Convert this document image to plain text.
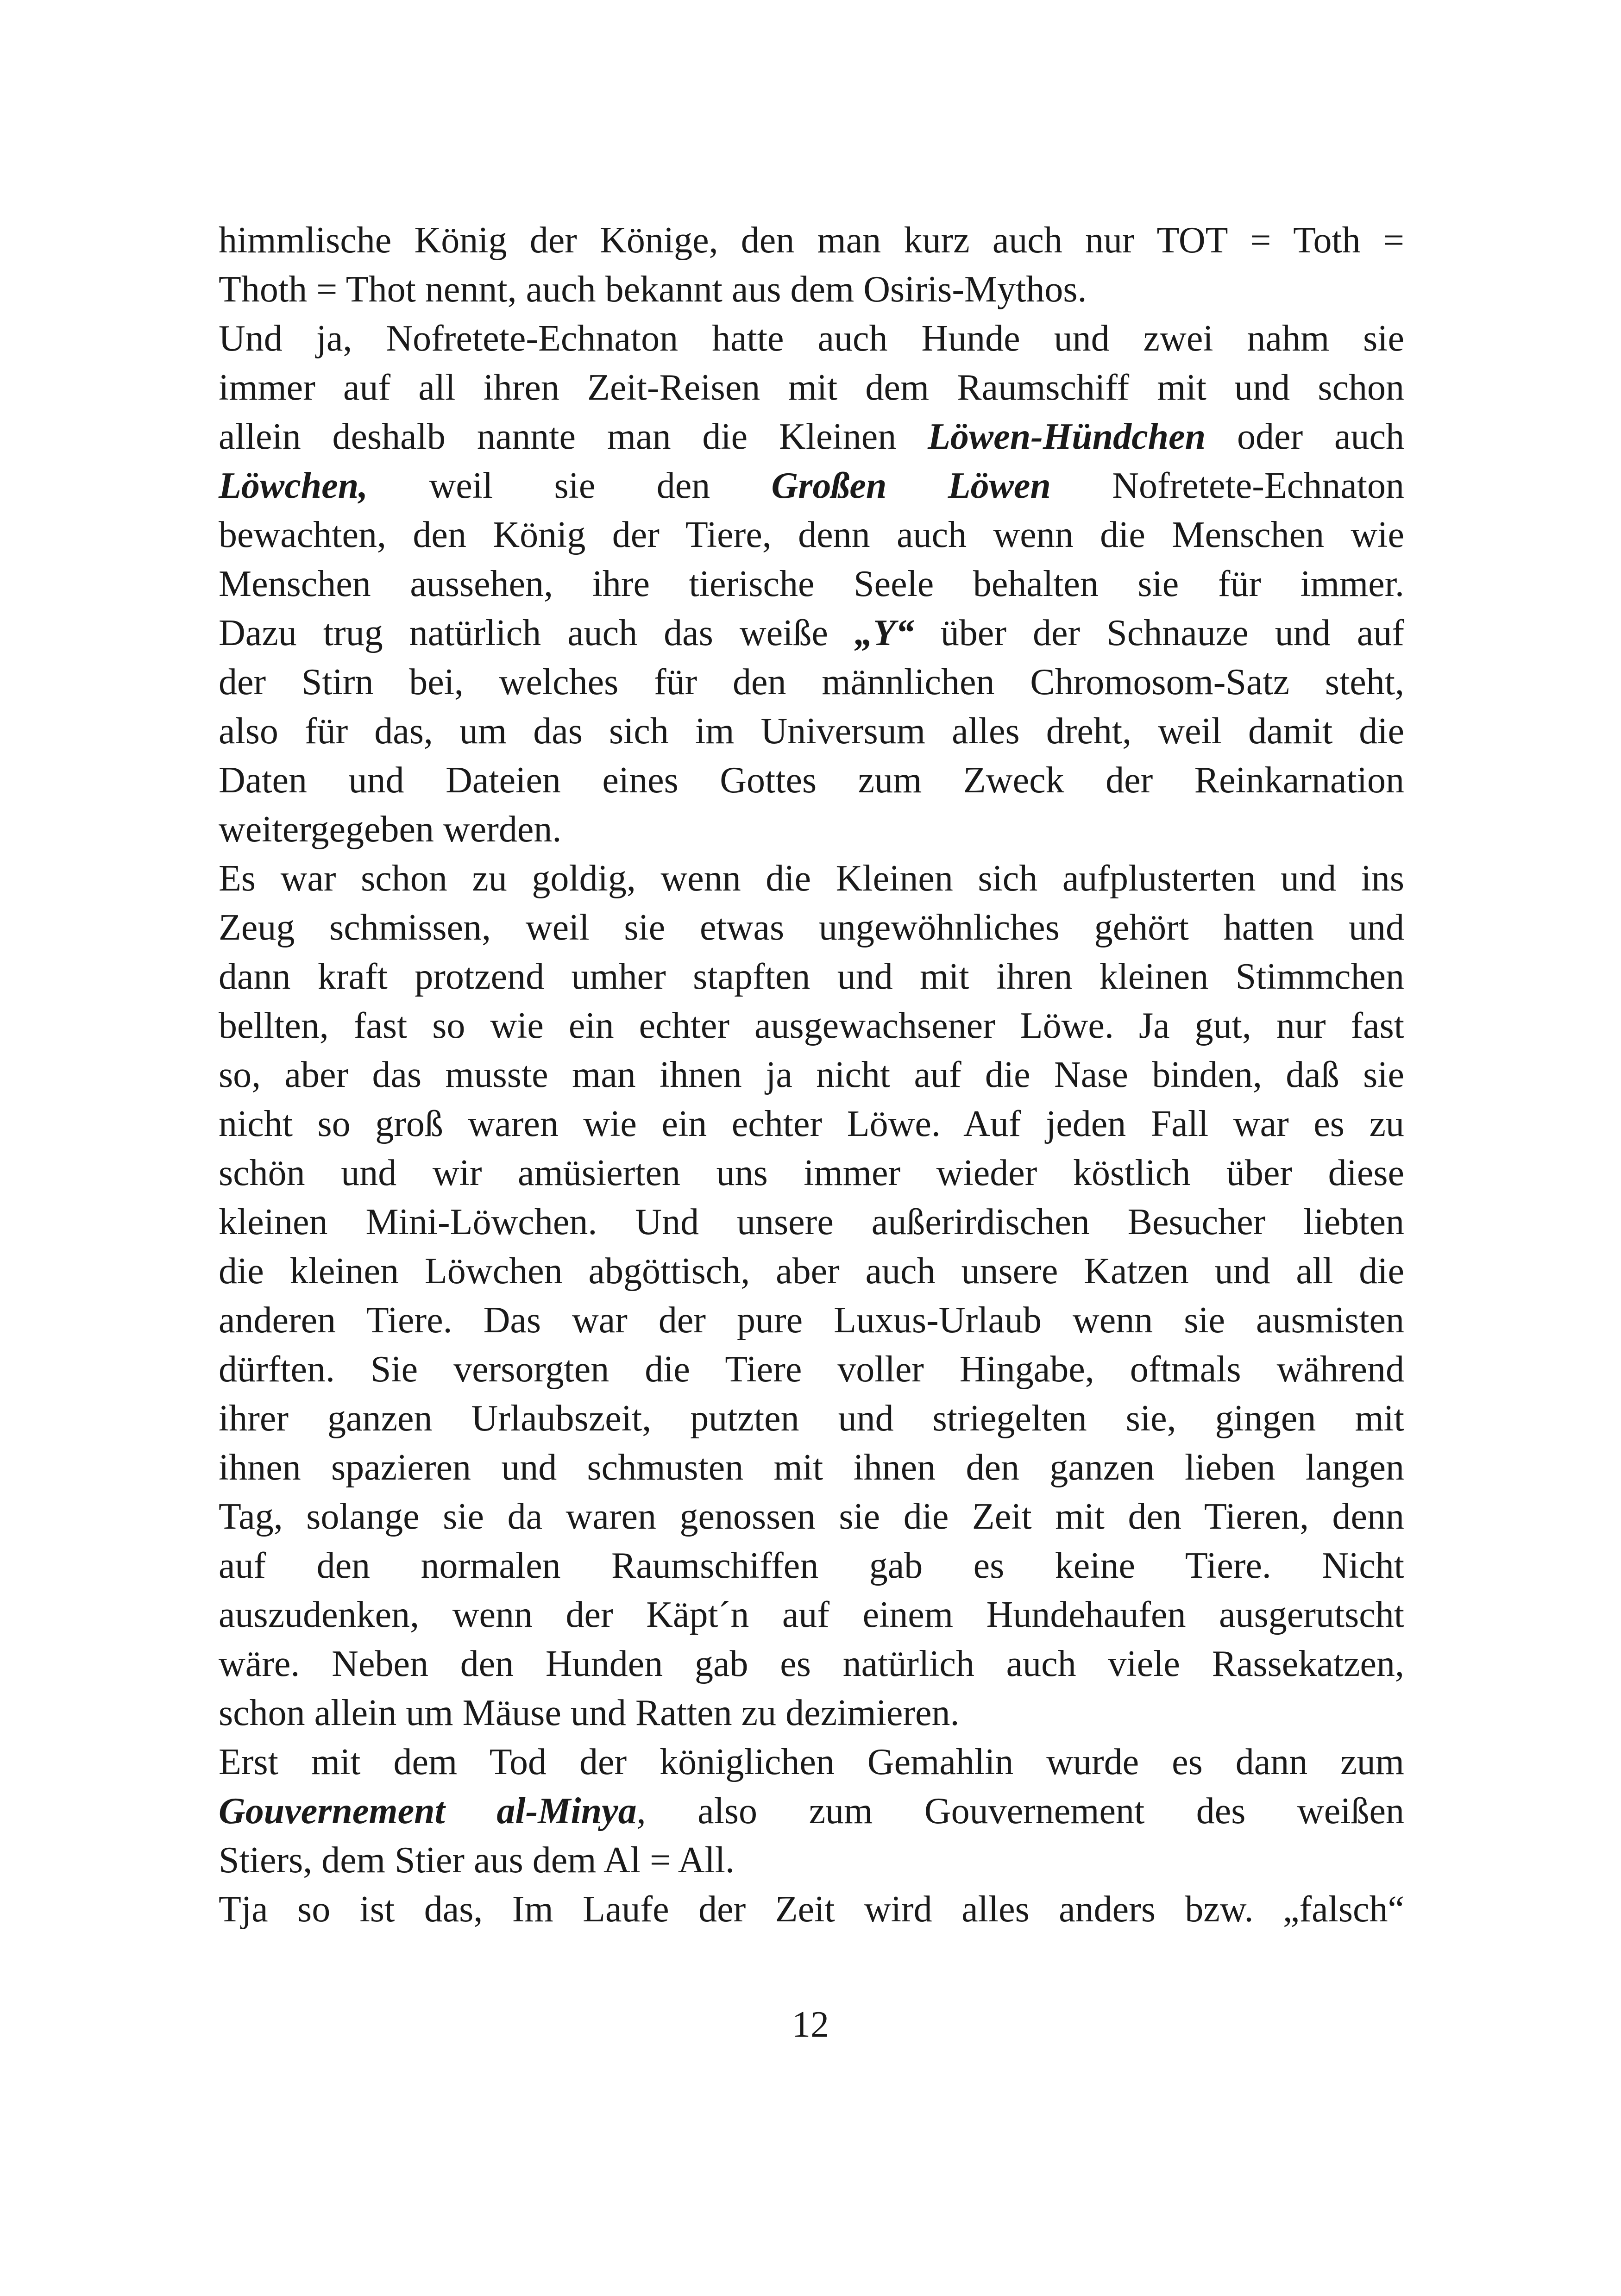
himmlische König der Könige, den man kurz auch nur TOT = Toth =
Thoth = Thot nennt, auch bekannt aus dem Osiris-Mythos.
Und ja, Nofretete-Echnaton hatte auch Hunde und zwei nahm sie
immer auf all ihren Zeit-Reisen mit dem Raumschiff mit und schon
allein deshalb nannte man die Kleinen Löwen-Hündchen oder auch
Löwchen, weil sie den Großen Löwen Nofretete-Echnaton
bewachten, den König der Tiere, denn auch wenn die Menschen wie
Menschen aussehen, ihre tierische Seele behalten sie für immer.
Dazu trug natürlich auch das weiße „Y“ über der Schnauze und auf
der Stirn bei, welches für den männlichen Chromosom-Satz steht,
also für das, um das sich im Universum alles dreht, weil damit die
Daten und Dateien eines Gottes zum Zweck der Reinkarnation
weitergegeben werden.
Es war schon zu goldig, wenn die Kleinen sich aufplusterten und ins
Zeug schmissen, weil sie etwas ungewöhnliches gehört hatten und
dann kraft protzend umher stapften und mit ihren kleinen Stimmchen
bellten, fast so wie ein echter ausgewachsener Löwe. Ja gut, nur fast
so, aber das musste man ihnen ja nicht auf die Nase binden, daß sie
nicht so groß waren wie ein echter Löwe. Auf jeden Fall war es zu
schön und wir amüsierten uns immer wieder köstlich über diese
kleinen Mini-Löwchen. Und unsere außerirdischen Besucher liebten
die kleinen Löwchen abgöttisch, aber auch unsere Katzen und all die
anderen Tiere. Das war der pure Luxus-Urlaub wenn sie ausmisten
dürften. Sie versorgten die Tiere voller Hingabe, oftmals während
ihrer ganzen Urlaubszeit, putzten und striegelten sie, gingen mit
ihnen spazieren und schmusten mit ihnen den ganzen lieben langen
Tag, solange sie da waren genossen sie die Zeit mit den Tieren, denn
auf den normalen Raumschiffen gab es keine Tiere. Nicht
auszudenken, wenn der Käpt´n auf einem Hundehaufen ausgerutscht
wäre. Neben den Hunden gab es natürlich auch viele Rassekatzen,
schon allein um Mäuse und Ratten zu dezimieren.
Erst mit dem Tod der königlichen Gemahlin wurde es dann zum
Gouvernement al-Minya, also zum Gouvernement des weißen
Stiers, dem Stier aus dem Al = All.
Tja so ist das, Im Laufe der Zeit wird alles anders bzw. „falsch“
12
